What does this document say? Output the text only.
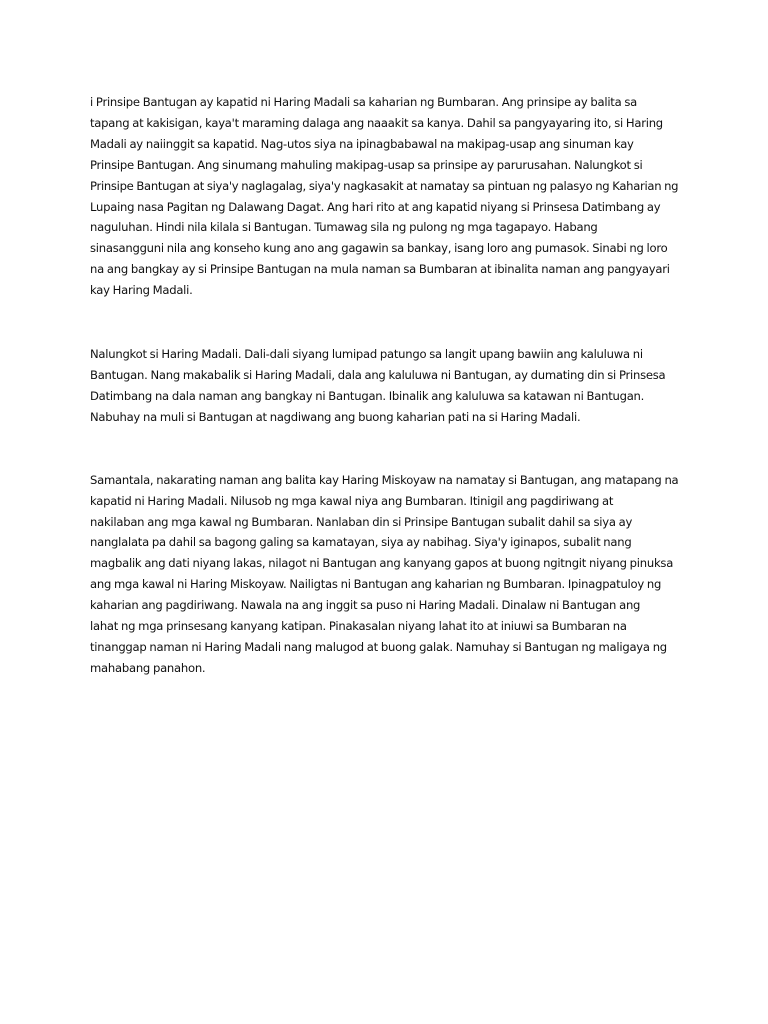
i Prinsipe Bantugan ay kapatid ni Haring Madali sa kaharian ng Bumbaran. Ang prinsipe ay balita sa
tapang at kakisigan, kaya't maraming dalaga ang naaakit sa kanya. Dahil sa pangyayaring ito, si Haring
Madali ay naiinggit sa kapatid. Nag-utos siya na ipinagbabawal na makipag-usap ang sinuman kay
Prinsipe Bantugan. Ang sinumang mahuling makipag-usap sa prinsipe ay parurusahan. Nalungkot si
Prinsipe Bantugan at siya'y naglagalag, siya'y nagkasakit at namatay sa pintuan ng palasyo ng Kaharian ng
Lupaing nasa Pagitan ng Dalawang Dagat. Ang hari rito at ang kapatid niyang si Prinsesa Datimbang ay
naguluhan. Hindi nila kilala si Bantugan. Tumawag sila ng pulong ng mga tagapayo. Habang
sinasangguni nila ang konseho kung ano ang gagawin sa bankay, isang loro ang pumasok. Sinabi ng loro
na ang bangkay ay si Prinsipe Bantugan na mula naman sa Bumbaran at ibinalita naman ang pangyayari
kay Haring Madali.

Nalungkot si Haring Madali. Dali-dali siyang lumipad patungo sa langit upang bawiin ang kaluluwa ni
Bantugan. Nang makabalik si Haring Madali, dala ang kaluluwa ni Bantugan, ay dumating din si Prinsesa
Datimbang na dala naman ang bangkay ni Bantugan. Ibinalik ang kaluluwa sa katawan ni Bantugan.
Nabuhay na muli si Bantugan at nagdiwang ang buong kaharian pati na si Haring Madali.

Samantala, nakarating naman ang balita kay Haring Miskoyaw na namatay si Bantugan, ang matapang na
kapatid ni Haring Madali. Nilusob ng mga kawal niya ang Bumbaran. Itinigil ang pagdiriwang at
nakilaban ang mga kawal ng Bumbaran. Nanlaban din si Prinsipe Bantugan subalit dahil sa siya ay
nanglalata pa dahil sa bagong galing sa kamatayan, siya ay nabihag. Siya'y iginapos, subalit nang
magbalik ang dati niyang lakas, nilagot ni Bantugan ang kanyang gapos at buong ngitngit niyang pinuksa
ang mga kawal ni Haring Miskoyaw. Nailigtas ni Bantugan ang kaharian ng Bumbaran. Ipinagpatuloy ng
kaharian ang pagdiriwang. Nawala na ang inggit sa puso ni Haring Madali. Dinalaw ni Bantugan ang
lahat ng mga prinsesang kanyang katipan. Pinakasalan niyang lahat ito at iniuwi sa Bumbaran na
tinanggap naman ni Haring Madali nang malugod at buong galak. Namuhay si Bantugan ng maligaya ng
mahabang panahon.
